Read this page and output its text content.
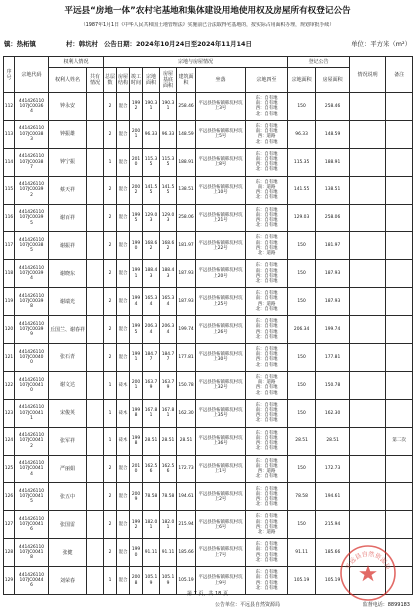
平远县“房地一体”农村宅基地和集体建设用地使用权及房屋所有权登记公告
（1987年1月1日《中华人民共和国土地管理法》实施前已合法取得宅基地的，按实际占用面积办理，规划审批手续）
镇：热柘镇	村：韩坑村 公告日期：2024年10月24日至2024年11月14日	单位：平方米（m²）
序号	宗地代码	权利人情况		宗地与房屋情况								登记公告		情况说明	备注
		权利人姓名	共有情况	总层数	房屋结构	竣工时间	宗地面积	房屋基底面积	建筑面积	坐落	宗地四至	宗地面积	房屋面积		
112	441426110107JC00364	钟永安		2	混合	1992	190.31	190.31	258.46	平远县热柘镇韩坑村坑上3号	东：自有地
南：自有地
西：自有地
北：自有地	150	258.46		
113	441426110107JC00383	钟振雄		2	混合	2001	96.33	96.33	148.59	平远县热柘镇韩坑村坑上5号	东：自有地
南：自有地
西：道路
北：自有地	96.33	148.59		
114	441426110107JC00387	钟宁振		1	混合	2010	115.35	115.35	188.91	平远县热柘镇韩坑村坑上8号	东：自有地
南：自有地
西：自有地
北：自有地	115.35	188.91		
115	441426110107JC00392	蔡天祥		2	混合	2002	141.55	141.55	138.51	平远县热柘镇韩坑村坑上10号	东：自有地
南：道路
西：自有地
北：自有地	141.55	138.51		
116	441426110107JC00395	谢百祥		2	混合	1995	129.03	129.03	258.06	平远县热柘镇韩坑村坑上21号	东：自有地
南：自有地
西：自有地
北：自有地	129.03	258.06		
117	441426110107JC00385	谢振祥		2	混合	1990	168.62	168.62	181.97	平远县热柘镇韩坑村坑上22号	东：自有地
南：自有地
西：自有地
北：道路	150	181.97		
118	441426110107JC00394	谢晓东		2	混合	1991	188.43	188.43	187.93	平远县热柘镇韩坑村坑上20号	东：自有地
南：自有地
西：自有地
北：自有地	150	187.93		
119	441426110107JC00398	谢端光		2	混合	1994	165.34	165.34	187.93	平远县热柘镇韩坑村坑上25号	东：自有地
南：自有地
西：道路
北：自有地	150	187.93		
120	441426110107JC00399	丘国兰、谢春祥		2	混合	1995	206.34	206.34	199.74	平远县热柘镇韩坑村坑上26号	东：自有地
南：自有地
西：自有地
北：自有地	206.34	199.74		
121	441426110107JC00400	张石青		2	混合	1991	184.77	184.77	177.81	平远县热柘镇韩坑村坑上30号	东：自有地
南：自有地
西：自有地
北：自有地	150	177.81		
122	441426110107JC00410	谢文达		1	砖木	2001	163.79	163.79	150.78	平远县热柘镇韩坑村坑上32号	东：自有地
南：道路
西：自有地
北：自有地	150	150.78		
123	441426110107JC00411	宋俊英		1	砖木	1998	167.81	167.81	162.30	平远县热柘镇韩坑村坑上35号	东：自有地
南：自有地
西：自有地
北：自有地	150	162.30		
124	441426110107JC00412	张军祥		1	砖木	1998	28.51	28.51	28.51	平远县热柘镇韩坑村坑上36号	东：自有地
南：自有地
西：自有地
北：自有地	28.51	28.51		第二次
125	441426110107JC00414	严丽娟		2	混合	2010	162.56	162.56	172.73	平远县热柘镇韩坑村坑上1号	东：自有地
南：自有地
西：道路
北：自有地	150	172.73		
126	441426110107JC00415	张五中		2	混合	2009	78.58	78.58	194.61	平远县热柘镇韩坑村坑上2号	东：自有地
南：自有地
西：自有地
北：自有地	78.58	194.61		
127	441426110107JC00416	张国雷		2	混合	1992	182.01	182.01	215.94	平远县热柘镇韩坑村坑上6号	东：自有地
南：自有地
西：自有地
北：道路	150	215.94		
128	441426110107JC00418	张健		2	混合	1990	91.11	91.11	185.66	平远县热柘镇韩坑村坑上7号	东：自有地
南：自有地
西：自有地
北：自有地	91.11	185.66		
129	441426110107JC00446	刘荣春		1	混合	2008	105.19	105.19	105.19	平远县热柘镇韩坑村坑上9号	东：自有地
南：自有地
西：自有地
北：自有地	105.19	105.19		
第 7 页，共 18 页
公告单位：平远县自然资源局	监督电话：8899183
平远县自然资源局
